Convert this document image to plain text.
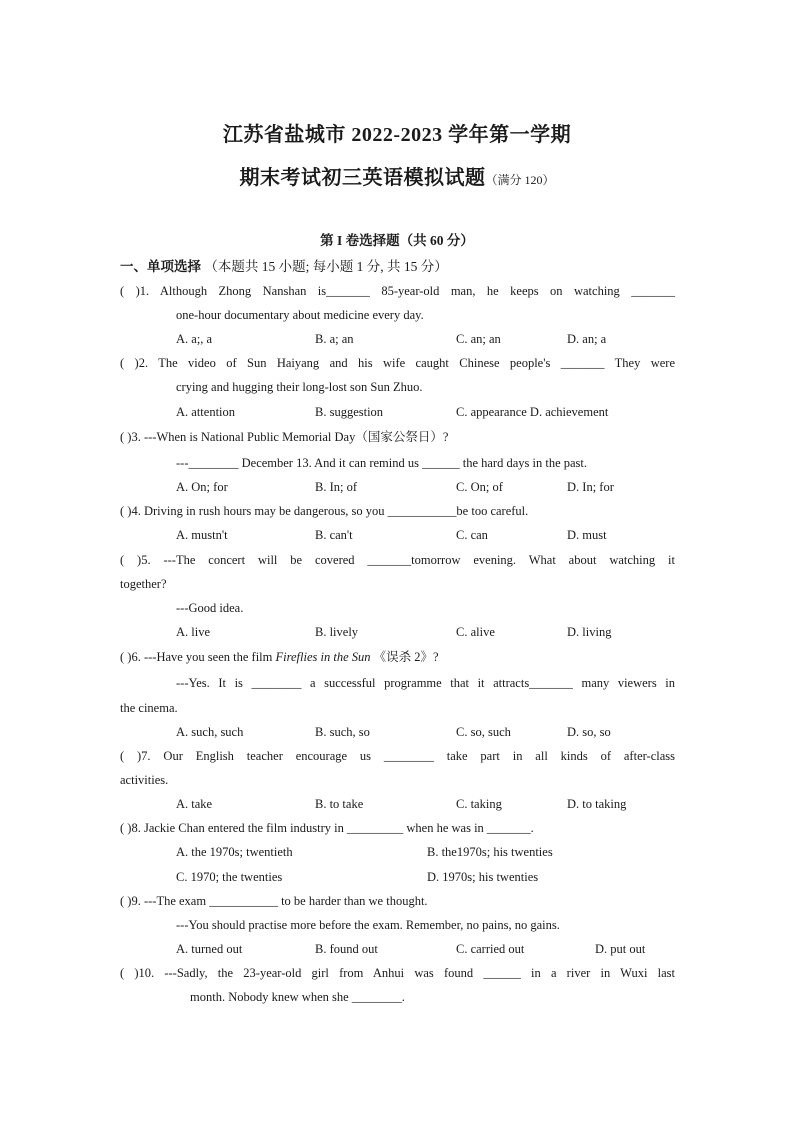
江苏省盐城市 2022-2023 学年第一学期
期末考试初三英语模拟试题（满分 120）
第 I 卷选择题（共 60 分）
一、单项选择 （本题共 15 小题; 每小题 1 分, 共 15 分）
( )1. Although Zhong Nanshan is_______ 85-year-old man, he keeps on watching _______
one-hour documentary about medicine every day.
A. a;, a	B. a; an	C. an; an	D. an; a
( )2. The video of Sun Haiyang and his wife caught Chinese people's _______ They were
crying and hugging their long-lost son Sun Zhuo.
A. attention	B. suggestion	C. appearance D. achievement
( )3. ---When is National Public Memorial Day（国家公祭日）?
---________ December 13. And it can remind us ______ the hard days in the past.
A. On; for	B. In; of	C. On; of	D. In; for
( )4. Driving in rush hours may be dangerous, so you ___________be too careful.
A. mustn't	B. can't	C. can	D. must
( )5. ---The concert will be covered _______tomorrow evening. What about watching it
together?
---Good idea.
A. live	B. lively	C. alive	D. living
( )6. ---Have you seen the film Fireflies in the Sun 《误杀 2》?
---Yes. It is ________ a successful programme that it attracts_______ many viewers in
the cinema.
A. such, such	B. such, so	C. so, such	D. so, so
( )7. Our English teacher encourage us ________ take part in all kinds of after-class
activities.
A. take	B. to take	C. taking	D. to taking
( )8. Jackie Chan entered the film industry in _________ when he was in _______.
A. the 1970s; twentieth	B. the1970s; his twenties
C. 1970; the twenties	D. 1970s; his twenties
( )9. ---The exam ___________ to be harder than we thought.
---You should practise more before the exam. Remember, no pains, no gains.
A. turned out	B. found out	C. carried out	D. put out
( )10. ---Sadly, the 23-year-old girl from Anhui was found ______ in a river in Wuxi last
month. Nobody knew when she ________.
